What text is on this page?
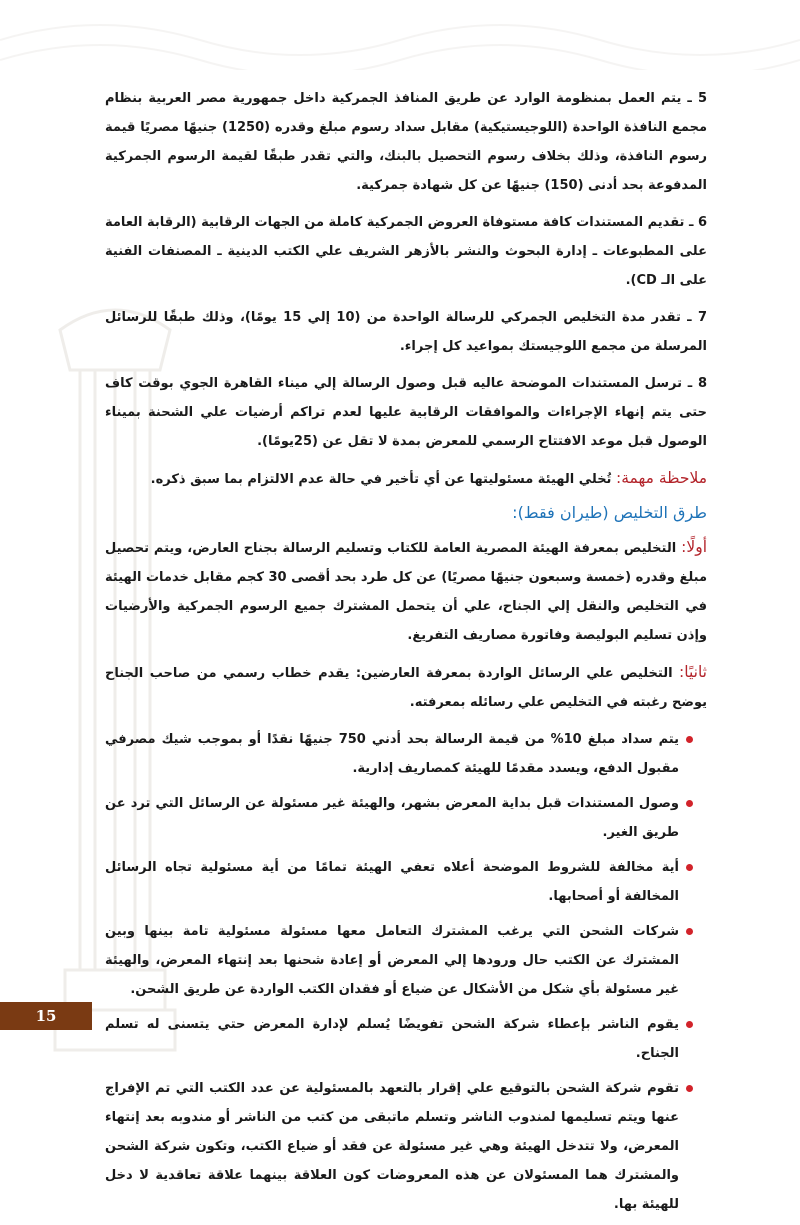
5 ـ يتم العمل بمنظومة الوارد عن طريق المنافذ الجمركية داخل جمهورية مصر العربية بنظام مجمع النافذة الواحدة (اللوجيستيكية) مقابل سداد رسوم مبلغ وقدره (1250) جنيهًا مصريًا قيمة رسوم النافذة، وذلك بخلاف رسوم التحصيل بالبنك، والتي تقدر طبقًا لقيمة الرسوم الجمركية المدفوعة بحد أدنى (150) جنيهًا عن كل شهادة جمركية.

6 ـ تقديم المستندات كافة مستوفاة العروض الجمركية كاملة من الجهات الرقابية (الرقابة العامة على المطبوعات ـ إدارة البحوث والنشر بالأزهر الشريف علي الكتب الدينية ـ المصنفات الفنية على الـ CD).

7 ـ تقدر مدة التخليص الجمركي للرسالة الواحدة من (10 إلي 15 يومًا)، وذلك طبقًا للرسائل المرسلة من مجمع اللوجيستك بمواعيد كل إجراء.

8 ـ ترسل المستندات الموضحة عاليه قبل وصول الرسالة إلي ميناء القاهرة الجوي بوقت كاف حتى يتم إنهاء الإجراءات والموافقات الرقابية عليها لعدم تراكم أرضيات علي الشحنة بميناء الوصول قبل موعد الافتتاح الرسمي للمعرض بمدة لا تقل عن (25يومًا).

ملاحظة مهمة: تُخلي الهيئة مسئوليتها عن أي تأخير في حالة عدم الالتزام بما سبق ذكره.

طرق التخليص (طيران فقط):

أولًا: التخليص بمعرفة الهيئة المصرية العامة للكتاب وتسليم الرسالة بجناح العارض، ويتم تحصيل مبلغ وقدره (خمسة وسبعون جنيهًا مصريًا) عن كل طرد بحد أقصى 30 كجم مقابل خدمات الهيئة في التخليص والنقل إلي الجناح، علي أن يتحمل المشترك جميع الرسوم الجمركية والأرضيات وإذن تسليم البوليصة وفاتورة مصاريف التفريغ.

ثانيًا: التخليص علي الرسائل الواردة بمعرفة العارضين: يقدم خطاب رسمي من صاحب الجناح يوضح رغبته في التخليص علي رسائله بمعرفته.

يتم سداد مبلغ 10% من قيمة الرسالة بحد أدني 750 جنيهًا نقدًا أو بموجب شيك مصرفي مقبول الدفع، ويسدد مقدمًا للهيئة كمصاريف إدارية.
وصول المستندات قبل بداية المعرض بشهر، والهيئة غير مسئولة عن الرسائل التي ترد عن طريق الغير.
أية مخالفة للشروط الموضحة أعلاه تعفي الهيئة تمامًا من أية مسئولية تجاه الرسائل المخالفة أو أصحابها.
شركات الشحن التي يرغب المشترك التعامل معها مسئولة مسئولية تامة بينها وبين المشترك عن الكتب حال ورودها إلي المعرض أو إعادة شحنها بعد إنتهاء المعرض، والهيئة غير مسئولة بأي شكل من الأشكال عن ضياع أو فقدان الكتب الواردة عن طريق الشحن.
يقوم الناشر بإعطاء شركة الشحن تفويضًا يُسلم لإدارة المعرض حتي يتسنى له تسلم الجناح.
تقوم شركة الشحن بالتوقيع علي إقرار بالتعهد بالمسئولية عن عدد الكتب التي تم الإفراج عنها ويتم تسليمها لمندوب الناشر وتسلم ماتبقى من كتب من الناشر أو مندوبه بعد إنتهاء المعرض، ولا تتدخل الهيئة وهي غير مسئولة عن فقد أو ضياع الكتب، وتكون شركة الشحن والمشترك هما المسئولان عن هذه المعروضات كون العلاقة بينهما علاقة تعاقدية لا دخل للهيئة بها.
15
